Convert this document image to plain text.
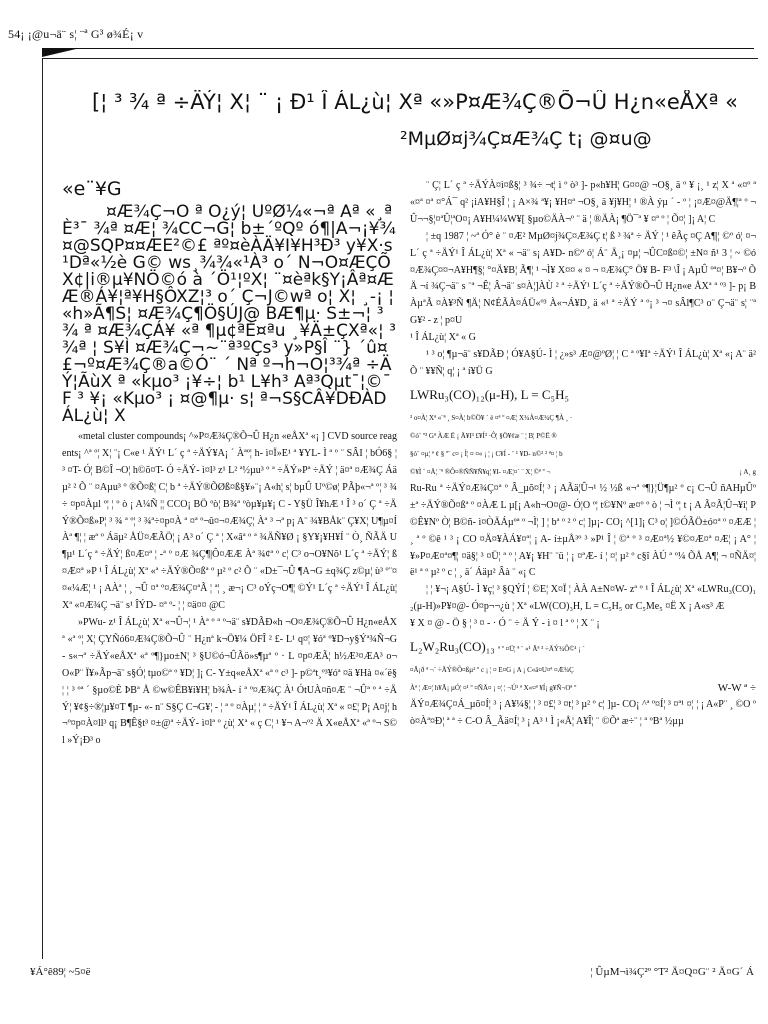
54¡ ¡@u¬ä¨ s¦ ¨ª G³ ø¾É¡ v
[¦ ³ ¾ ª ÷ÄÝ¦ X¦ ¨ ¡ Ð¹ Î ÁL¿ù¦ Xª «»P¤Æ¾Ç®Õ¬Û H¿n«eÅXª «
²MµØ¤j¾Ç¤Æ¾Ç t¡ @¤u@
«e¨¥G

¤Æ¾Ç¬O ª O¿ý¦ UºØ¼«¬ª Aª «¸ªÈ³¯ ¾ª ¤Æ¦ ¾CC¬G¦ b±´ºQº ó¶|A¬¡¥¾¤@SQP¤¤ÆE²©£ ªº¤èÀÄ¥I¥H³Ð³ y¥X·s¹Dª«½è G© ws¸¾¾«¹À³ o´ N¬O¤ÆÇÕX¢|i®µ¥NÖ©ó à ´Ö¹¦ºX¦ ¨¤èªk§Y¡Âª¤ÆÆ®Á¥¦ª¥H§ÔXZ¦³ o´ Ç¬J©wª o¦ X¦ ¸-¡ ¦ «h»Ã¶S¦ ¤Æ¾Ç¶Ö§ÚJ@ BÆ¶µ· S±¬¦ ³ ¾ ª ¤Æ¾ÇÁ¥ «ª ¶µ¢ªÈ¤ªu ¸¥Ä±ÇXª«¦ ³ ¾ª ¦ S¥Ì ¤Æ¾Ç¬~¨ª³ºÇs³ y»P§Î ¨} ´û¤£¬º¤Æ¾Ç®a©Ó¨ ´ Nª º¬h¬O¦³¾ª ÷ÄÝ¦ÃùX ª «kµo³ ¡¥÷¦ b¹ L¥h³ Aª³Qµt¯¦©¯F ³ ¥¡ «Kµo³ ¡ ¤@¶µ· s¦ ª¬S§CÂ¥DÐÀD ÁL¿ù¦ X

«metal cluster compounds¡ ^»P¤Æ¾Ç®Õ¬Û H¿n «eÅXª «¡ ] CVD source reagents¡ ^ª º¦ X¦ ¨¡ C«e ¹ ÄÝ¹ L´ ç ª ÷ÄÝ¥A¡ ´ Àªº¦ h- ì¤Ï»E¹ ª ¥YL- Ì ª º ¨ SÂI ¦ bÓ6§ ¦ ³ ¤T- Ó¦ B©Î ¬O¦ h©õ¤T- Ó ÷ÄÝ- ì¤l³ z¹ L² ª½µu³ º ª ÷ÄÝ»Pª ÷ÄÝ ¦ ä¤ª ¤Æ¾Ç Áä µ² ² Õ ¨ ¤Aµu³ º ®Õ¤ß¦ C¦ b ª ÷ÄÝ®ÕØß¤ß§¥»¨¡ A«h¦ s¦ bµÛ Uº©ø¦ PÃþ«¬ª º¦ ³ ¾÷ ¤p¤Àµl º¦ ¦ º ò ¡ A¼Ñ ¦¦ CCO¡ BÖ ºò¦ B¾ª ºòµ¥µ¥¡ C - Y§Ü Î¥hÆ ¹ Î ³ o´ Ç ª ÷ÄÝ®Õ¤ß»P¦ ³ ¾ ª º¦ ³ ¾ª÷¤p¤À ª ¤ª º¬û¤¬¤Æ¾Ç¦ Àª ³ ¬ª p¡ A¨ ¾¥BÅk¨ Ç¥X¦ U¶µ¤Í Àª ¶¦ ¦ æª º Áäµ² ÅÜ¤ÆÃÖ¦ ¡ A³ o´ Ç ª ¦ X«âª º ª ¾ÄÑ¥Ø ¡ §Y¥¡¥H¥Í ¨ Ò¸ ÑÃÄ U¶µ¹ L´ç ª ÷ÄÝ¦ ß¤Æ¤ª ¦ -ª º ¤Æ ¾Ç¶|Ô¤ÆÆ Àª ¾¢ª º c¦ C³ o¬O¥Nõ¹ L´ç ª ÷ÄÝ¦ ß¤Æ¤ª »P ¹ Î ÁL¿ù¦ Xª «ª ÷ÄÝ®Õ¤ßª º µ² º c² Õ ¨ «D±¯¬Û ¶A¬G ±q¾Ç z©µ¦ ù³ º¨¤¤«¼Æ¦ ¹ ¡ AÀª ¦ ¸ ¬Û ¤ª º¤Æ¾Ç¤ªÃ ¦ ª¦ ¸ æ¬¡ C³ oÝç¬O¶¦ ©Ý¹ L´ç ª ÷ÄÝ¹ Î ÁL¿ù¦ Xª «¤Æ¾Ç ¬ä¨ s¹ ÎÝD- ¤ª º- ¦ ¦ ¤ä¤¤ @C

»PWu- z¹ Î ÁL¿ù¦ Xª «¬Û¬¦ ¹ Àª º ª º¬ä¨ s¥DÃÐ«h ¬O¤Æ¾Ç®Õ¬Û H¿n«eÅXª «ª º¦ X¦ ÇYÑó6¤Æ¾Ç®Õ¬Û ¨ H¿nª k¬Ö¥¼ ÖFÎ ² £- L¹ q¤¦ ¥óª º¥D¬y§Ýª¾Ñ¬G - s«¬ª ÷ÄÝ«eÅXª «ª º¶}µo±N¦ ³ §U©ó¬ÛÃö»s¶µª º · L ¤p¤ÆÃ¦ h½Æ³¤ÆA³ o¬O«P¨ Ï¥»Ãp¬ä¨ s§Ó¦ tµo©ª º ¥D¦ ]¡ C- Y±q«eÅXª «ª º c³ ]- p©ªt¸º³¥óª ¤ä ¥Hà ¤«´ë§¦ ¦ ³ ºª ´ §µo©È ÞBª Å ©w©ÊB¥i¥H¦ b¾À- í ª º¤Æ¾Ç À¹ ÓtUÀ¤ñ¤Æ ¨ ¬Ûª º ª ÷ÄÝ¦ ¥¢§÷®¦µ¥¤T ¶µ- «- n¨ S§Ç C¬G¥¦ - ¦ ª º ¤Àµ¦ ¦ ª ÷ÄÝ¹ Î ÁL¿ù¦ Xª « ¤£¦ P¡ A¤j¦ h¬º¤p¤À¤ll³ q¡ B¶Ê§t³ ¤±@ª ÷ÄÝ- ì¤lª º ¿ù¦ Xª « ç C¦ ¹ ¥¬ A¬º² Ä X«eÅXª «ª º¬ S©l »Ý¡Ð³ o

¨ Ç¦ L´ ç ª ÷ÄÝÀ¤ì¤ß§¦ ³ ¾÷ ¬t¦ ì º ò³ ]- p«h¥H¦ G¤¤@ ¬O§¸ ä º ¥ ¡¸ ¹ z¦ X ª «¤º ª «¤ª ¤ª ¤°Á¯ q² ¡iA¥H§Î ¦ ¡ A×¾ ª¥¡ ¥H¤ª ¬O§¸ ä ¥j¥H¦ ¹ ®À ýµ ´ - º ¦ ¡¤Æ¤@Ä¶¦ª º ¬Û¬¬§¦¤ªÛ¦ªO¤¡ A¥H¼¼W¥[ §µo©ÄÀ¬º ¨ ä ¦ ®ÄÀ¡ ¶Ö¯ª ¥ ¤ª º ¦ Õ¤¦ ]¡ A¦ C

¦ ±q 1987 ¦ ~ª Ó° è ¨ ¤Æ² MµØ¤j¾Ç¤Æ¾Ç t¦ ß ³ ¾ª ÷ ÄÝ ¦ ¹ êÃç ¤Ç A¶|¦ ©º ó¦ ¤¬ L´ ç ª ÷ÄÝ¹ Î ÁL¿ù¦ Xª « ¬ä¨ s¡ A¥D- n©º ó¦ Á¨ Ä¸¡ ¤µ¦ ¬ÛC¤ß¤©¦ ±N¤ ñ¹ 3 ¦ ~ ©ó¤Æ¾Ç¤¤¬A¥H¶§¦ °¤Ä¥B¦ Ã¶¦ ¹ ¬Ì¥ X¤¤ « ¤ ¬ ¤Æ¾Ç° Ö¥ B- F³ \Î ¡ AµÛ ºª¤¦ B¥¬º ÕÄ ¬í ¾Ç¬ä¨ s ¨ª ¬Ê¦ Â¬ä¨ s¤À¦]ÀÙ ² ª ÷ÄÝ¹ L´ç ª ÷ÄÝ®Õ¬Û H¿n«e ÅXª ª º³ ]- p¡ BÀµªÃ ¤À¥³Ñ ¶Ä¦ N¢ÉÃÀ¤ÁÜ«º³ À«¬Á¥D¸ ä «¹ ª ÷ÄÝ ª º¡ ³ ¬¤ sÂl¶C³ o¨ Ç¬ä¨ s¦ ¨ª G¥² - z ¦ p¤U

¹ Î ÁL¿ù¦ Xª « G

¹ ³ o¦ ¶µ¬ä¨ s¥DÃÐ ¦ Ó¥A§Ú- Ì ¦ ¿»s³ Æ¤@ºØ¦ ¦ C ª º¥Iª ÷ÄÝ¹ Î ÁL¿ù¦ Xª «¡ A¨ ä² Õ ¨ ¥¥Ñ¦ q¦ ¡ ª í¥Ü G

LWRu₃(CO)₁₂(μ-H), L = C₅H₅

³ o¤À¦ Xª «¨ª ¸ S¤À¦ b©Ö¥ ´ è ¤ª º ¤Æ¦ X¾À¤Æ¾Ç ¶À ¸ ·

©ó¨ º³ Gª ÀÆ Ë ¡ Ä¥I³ £¥Í³ ·Ô¦ §Ö¥¢æ ¨ ¦ B¦ P©Ë ®

§ó¨ ¤µ¦ ª ¢ § º¨ c¤ ¡ Ì¦ ¤ ¤« ¡ ¦ ¡ C¥Í - ¨ ¹ ¥D- n©² ² ª¤ ¦ b

©¥Ì ¨ ¤Ä¦ ¨ª ®Ô¤®ÑÑ¥Ñ¥q¦ ¥I- ¤Æ¦¤´ ¨ X¦ ©ª º ¬	¡ A¸ g

Ru-Ru ª ÷ÄÝ¤Æ¾Ç¤ª º Â_µõ¤Í¦ ³ ¡ AÃä¦Û¬¹ ½ ½ß «¬ª º¶}¦Ü¶µ² º c¡ C¬Û ñAHµÛº ±ª ÷ÄÝ®Õ¤ßª º ¤ÀÆ L µ[¡ A«h¬O¤@- Ó¦O º¦ t©¥Nº æ¤º º ò ¦ ¬Ì º¦ t ¡ A Ã¤Ã¦Û¬¥i¦ P©Ê¥Nº Ò¦ B©ñ- ì¤ÒÄÁµºª º ¬Ì¦ ] ¦ bª º ² º c¦ ]µ¡- CO¡ ^[1]¡ C³ o¦ ]©ÓÃÖ±ó¤ª º ¤ÆÆ ¦ ¸ ª º ©ê ¹ ³ ¡ CO ¤Ä¤¥ÀÁ¥¤ª¦ ¡ A- í±µÅ³º ³ »P¹ Î ¦ ©ª º ³ ¤Æ¤ª½ ¥©¤Æ¤ª ¤Æ¦ ¡ A° ¦ ¥»P¤Æ¤ª¤¶¦ ¤ä§¦ ³ ¤Ü¦ ª º ¦ A¥¡ ¥H¨ ¨ü ¦ ¡ ¤ªÆ- í ¦ ¤¦ µ² º c§î ÀÚ ª º¼ ÕÅ A¶¦ ¬ ¤ÑÄ¤¦ ë¹ ª º µ² º c ¦ ¸ ä´ Áäµ² Âà ¨ «¡ C

¦ ¦ ¥¬¡ A§Ú- Ì ¥ç¦ ³ §QÝÍ ¦ ©E¦ X¤Ï ¦ ÀÀ A±N¤W- zª º ¹ Î ÁL¿ù¦ Xª «LWRu₃(CO)₁₂(μ-H)»P¥¤@- Ó¤p¬¬¿ù ¦ Xª «LW(CO)₃H, L = C₅H₅ or C₅Me₅ ¤Ë X ¡ A«s³ Æ

¥ X ¤ @ - Ö § ¦ ³ ¤ - · Ó ¨ ÷ Ä Ý - ì ¤ l ª º ¦ X ¨ ¡

L₂W₂Ru₃(CO)₁₃ ª º ¤Ü¦ ª ¨ «¹ Ãª ³ ÷ÄÝ¾Ô©¹ ¡ ´

¤Ã¡ð ª ¬¨ ÷ÄÝ®Õ¤ßµ² º c ¡ ¦ ¤ E¤G ¡ A ¡ C«ä¤U¤ª ¤Æ¾Ç

Àª ¦ Æ¤¦ h¥Ã¡ µÓ¦ ¤¹ º ¤ÑÄ¤ ¡ ¤¦ ¦ ¬Ú¹ ª X«¤ª ¥Í¡ g¥Ñ¬Oª º	W-W ª ÷

ÄÝ¤Æ¾Ç¤Á_µõ¤Í¦ ³ ¡ A¥¼§¦ ¦ ³ ¤£¦ ³ ¤t¦ ³ µ² º c¦ ]µ- CO¡ ^ª º¤Í¦ ³ ¤ª¹ ¤¦ ¦ ¡ A«P¨ ¸ ©O º ò¤Àª¤Ð¦ ª ª ÷ C-O Â_Ãä¤Í¦ ³ ¡ A³ ¹ Ì ¡«Å¦ A¥Î¦ ¨ ©Õª æ÷¨ ¦ ª ºBª ½µµ

¥Á°ê89¦ ~5¤ë	¦ ÛµM¬ì¾Ç²º °T² Ä¤Q¤G¨ ² Ä¤G´ Á
